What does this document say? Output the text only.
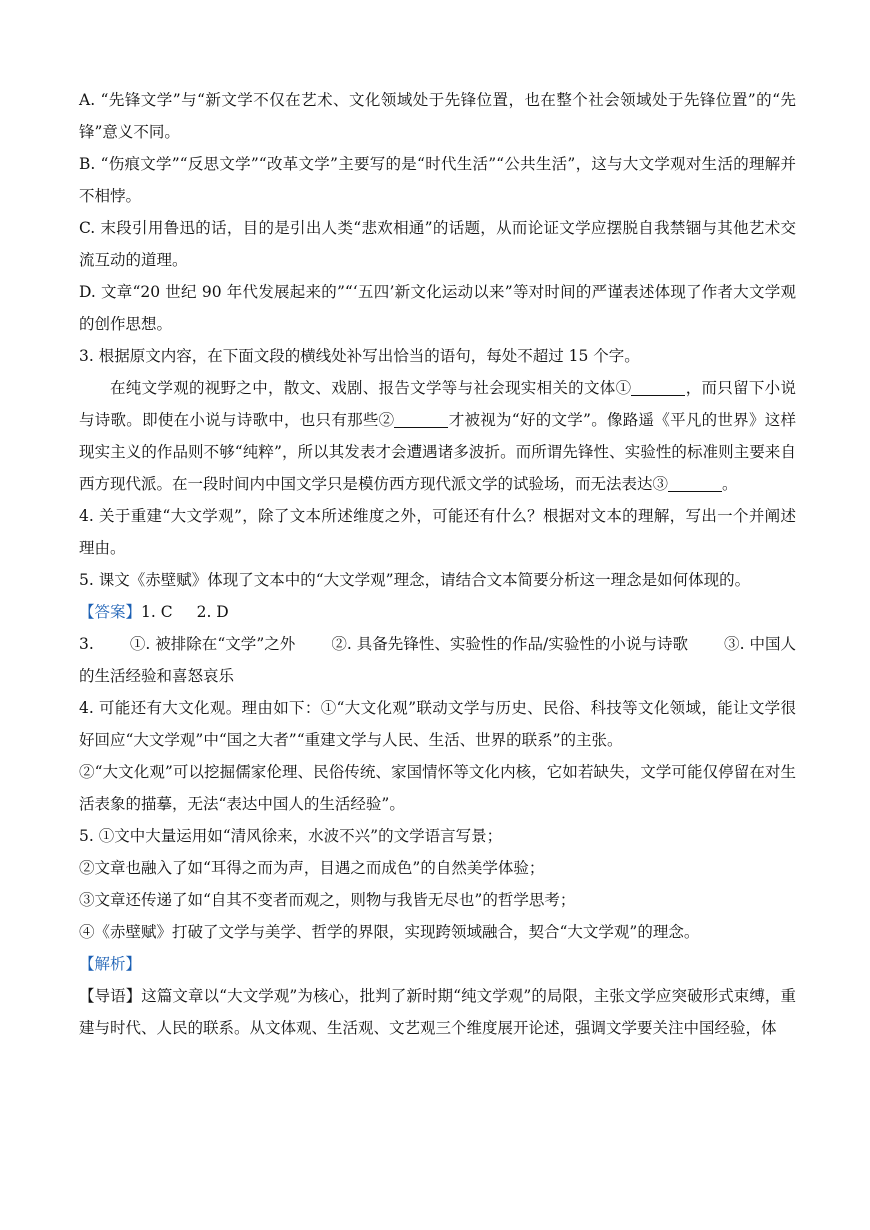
A. “先锋文学”与“新文学不仅在艺术、文化领域处于先锋位置，也在整个社会领域处于先锋位置”的“先锋”意义不同。

B. “伤痕文学”“反思文学”“改革文学”主要写的是“时代生活”“公共生活”，这与大文学观对生活的理解并不相悖。

C. 末段引用鲁迅的话，目的是引出人类“悲欢相通”的话题，从而论证文学应摆脱自我禁锢与其他艺术交流互动的道理。

D. 文章“20 世纪 90 年代发展起来的”“‘五四’新文化运动以来”等对时间的严谨表述体现了作者大文学观的创作思想。

3. 根据原文内容，在下面文段的横线处补写出恰当的语句，每处不超过 15 个字。

在纯文学观的视野之中，散文、戏剧、报告文学等与社会现实相关的文体①	，而只留下小说与诗歌。即使在小说与诗歌中，也只有那些②	才被视为“好的文学”。像路遥《平凡的世界》这样现实主义的作品则不够“纯粹”，所以其发表才会遭遇诸多波折。而所谓先锋性、实验性的标准则主要来自西方现代派。在一段时间内中国文学只是模仿西方现代派文学的试验场，而无法表达③	。

4. 关于重建“大文学观”，除了文本所述维度之外，可能还有什么？根据对文本的理解，写出一个并阐述理由。

5. 课文《赤壁赋》体现了文本中的“大文学观”理念，请结合文本简要分析这一理念是如何体现的。

【答案】1. C 2. D

3. ①. 被排除在“文学”之外 ②. 具备先锋性、实验性的作品/实验性的小说与诗歌 ③. 中国人的生活经验和喜怒哀乐

4. 可能还有大文化观。理由如下：①“大文化观”联动文学与历史、民俗、科技等文化领域，能让文学很好回应“大文学观”中“国之大者”“重建文学与人民、生活、世界的联系”的主张。

②“大文化观”可以挖掘儒家伦理、民俗传统、家国情怀等文化内核，它如若缺失，文学可能仅停留在对生活表象的描摹，无法“表达中国人的生活经验”。

5. ①文中大量运用如“清风徐来，水波不兴”的文学语言写景；

②文章也融入了如“耳得之而为声，目遇之而成色”的自然美学体验；

③文章还传递了如“自其不变者而观之，则物与我皆无尽也”的哲学思考；

④《赤壁赋》打破了文学与美学、哲学的界限，实现跨领域融合，契合“大文学观”的理念。

【解析】

【导语】这篇文章以“大文学观”为核心，批判了新时期“纯文学观”的局限，主张文学应突破形式束缚，重建与时代、人民的联系。从文体观、生活观、文艺观三个维度展开论述，强调文学要关注中国经验，体
